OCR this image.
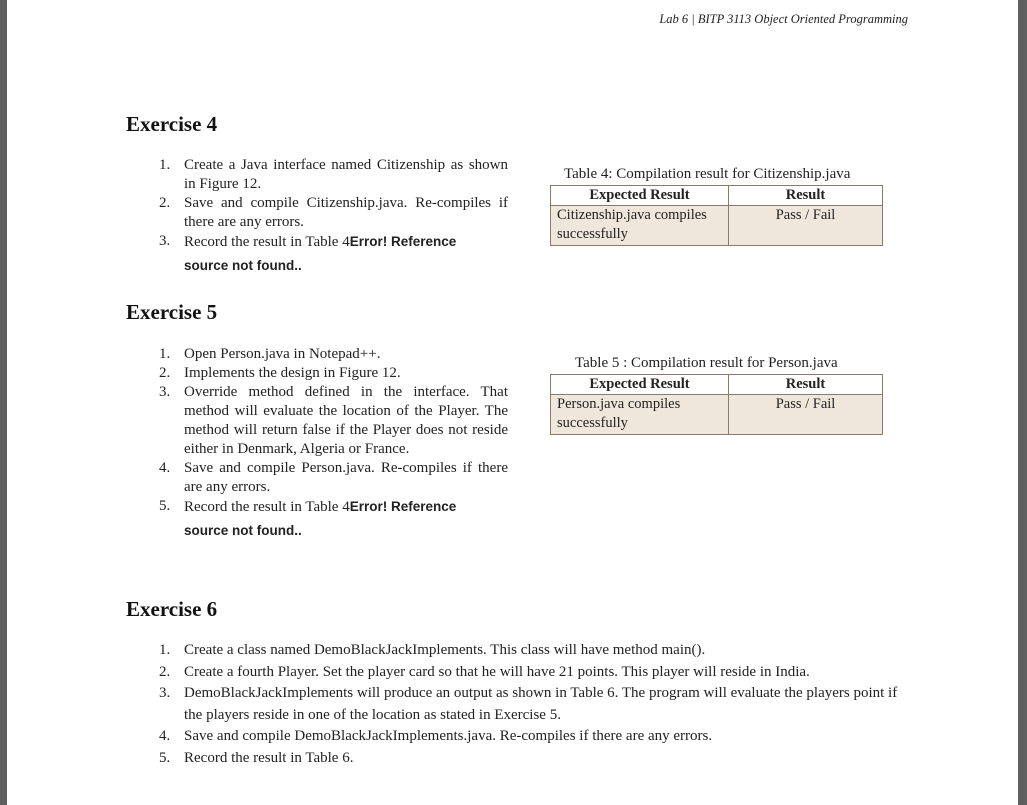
Lab 6 | BITP 3113 Object Oriented Programming
Exercise 4
1. Create a Java interface named Citizenship as shown in Figure 12.
2. Save and compile Citizenship.java. Re-compiles if there are any errors.
3. Record the result in Table 4Error! Reference
source not found..
Table 4: Compilation result for Citizenship.java
Expected Result	Result
Citizenship.java compiles successfully	Pass / Fail
Exercise 5
1. Open Person.java in Notepad++.
2. Implements the design in Figure 12.
3. Override method defined in the interface. That method will evaluate the location of the Player. The method will return false if the Player does not reside either in Denmark, Algeria or France.
4. Save and compile Person.java. Re-compiles if there are any errors.
5. Record the result in Table 4Error! Reference
source not found..
Table 5 : Compilation result for Person.java
Expected Result	Result
Person.java compiles successfully	Pass / Fail
Exercise 6
1. Create a class named DemoBlackJackImplements. This class will have method main().
2. Create a fourth Player. Set the player card so that he will have 21 points. This player will reside in India.
3. DemoBlackJackImplements will produce an output as shown in Table 6. The program will evaluate the players point if the players reside in one of the location as stated in Exercise 5.
4. Save and compile DemoBlackJackImplements.java. Re-compiles if there are any errors.
5. Record the result in Table 6.
